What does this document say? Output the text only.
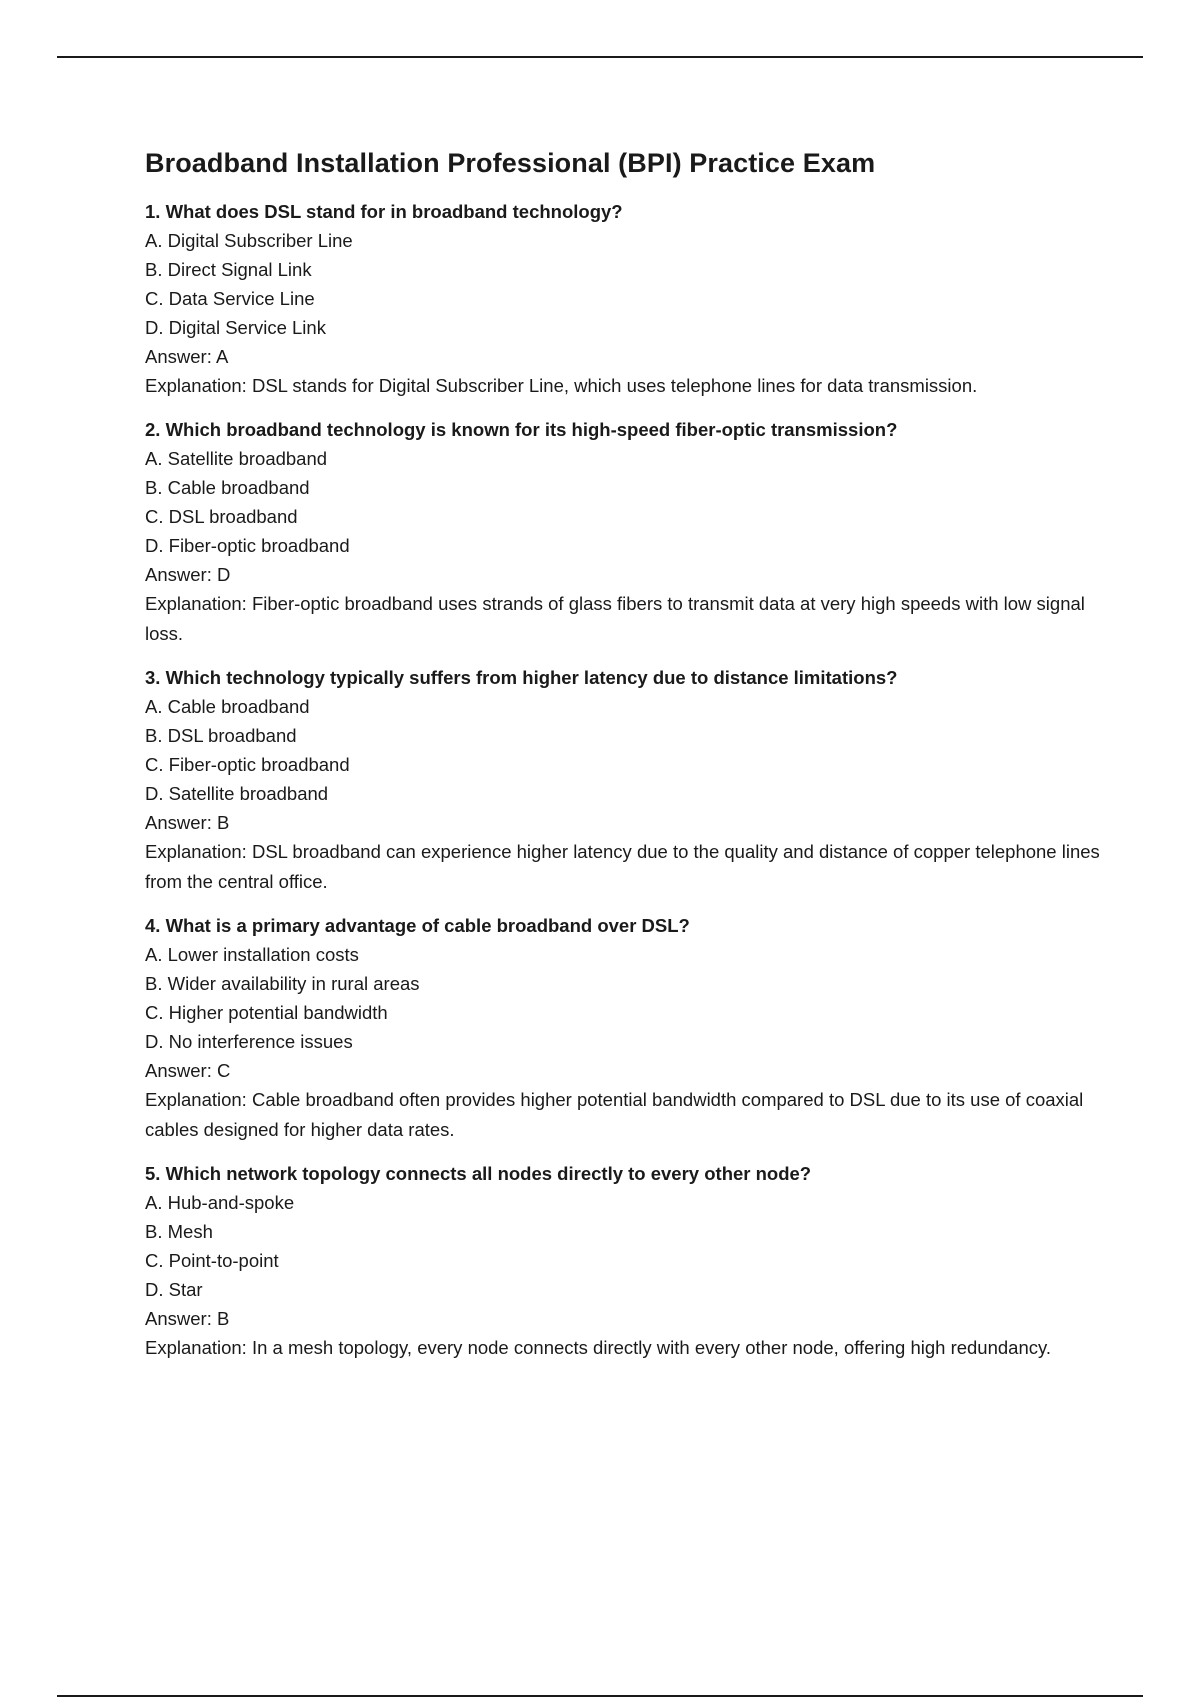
Broadband Installation Professional (BPI) Practice Exam

1. What does DSL stand for in broadband technology?

A. Digital Subscriber Line

B. Direct Signal Link

C. Data Service Line

D. Digital Service Link

Answer: A

Explanation: DSL stands for Digital Subscriber Line, which uses telephone lines for data transmission.

2. Which broadband technology is known for its high-speed fiber-optic transmission?

A. Satellite broadband

B. Cable broadband

C. DSL broadband

D. Fiber-optic broadband

Answer: D

Explanation: Fiber-optic broadband uses strands of glass fibers to transmit data at very high speeds with low signal loss.

3. Which technology typically suffers from higher latency due to distance limitations?

A. Cable broadband

B. DSL broadband

C. Fiber-optic broadband

D. Satellite broadband

Answer: B

Explanation: DSL broadband can experience higher latency due to the quality and distance of copper telephone lines from the central office.

4. What is a primary advantage of cable broadband over DSL?

A. Lower installation costs

B. Wider availability in rural areas

C. Higher potential bandwidth

D. No interference issues

Answer: C

Explanation: Cable broadband often provides higher potential bandwidth compared to DSL due to its use of coaxial cables designed for higher data rates.

5. Which network topology connects all nodes directly to every other node?

A. Hub-and-spoke

B. Mesh

C. Point-to-point

D. Star

Answer: B

Explanation: In a mesh topology, every node connects directly with every other node, offering high redundancy.
